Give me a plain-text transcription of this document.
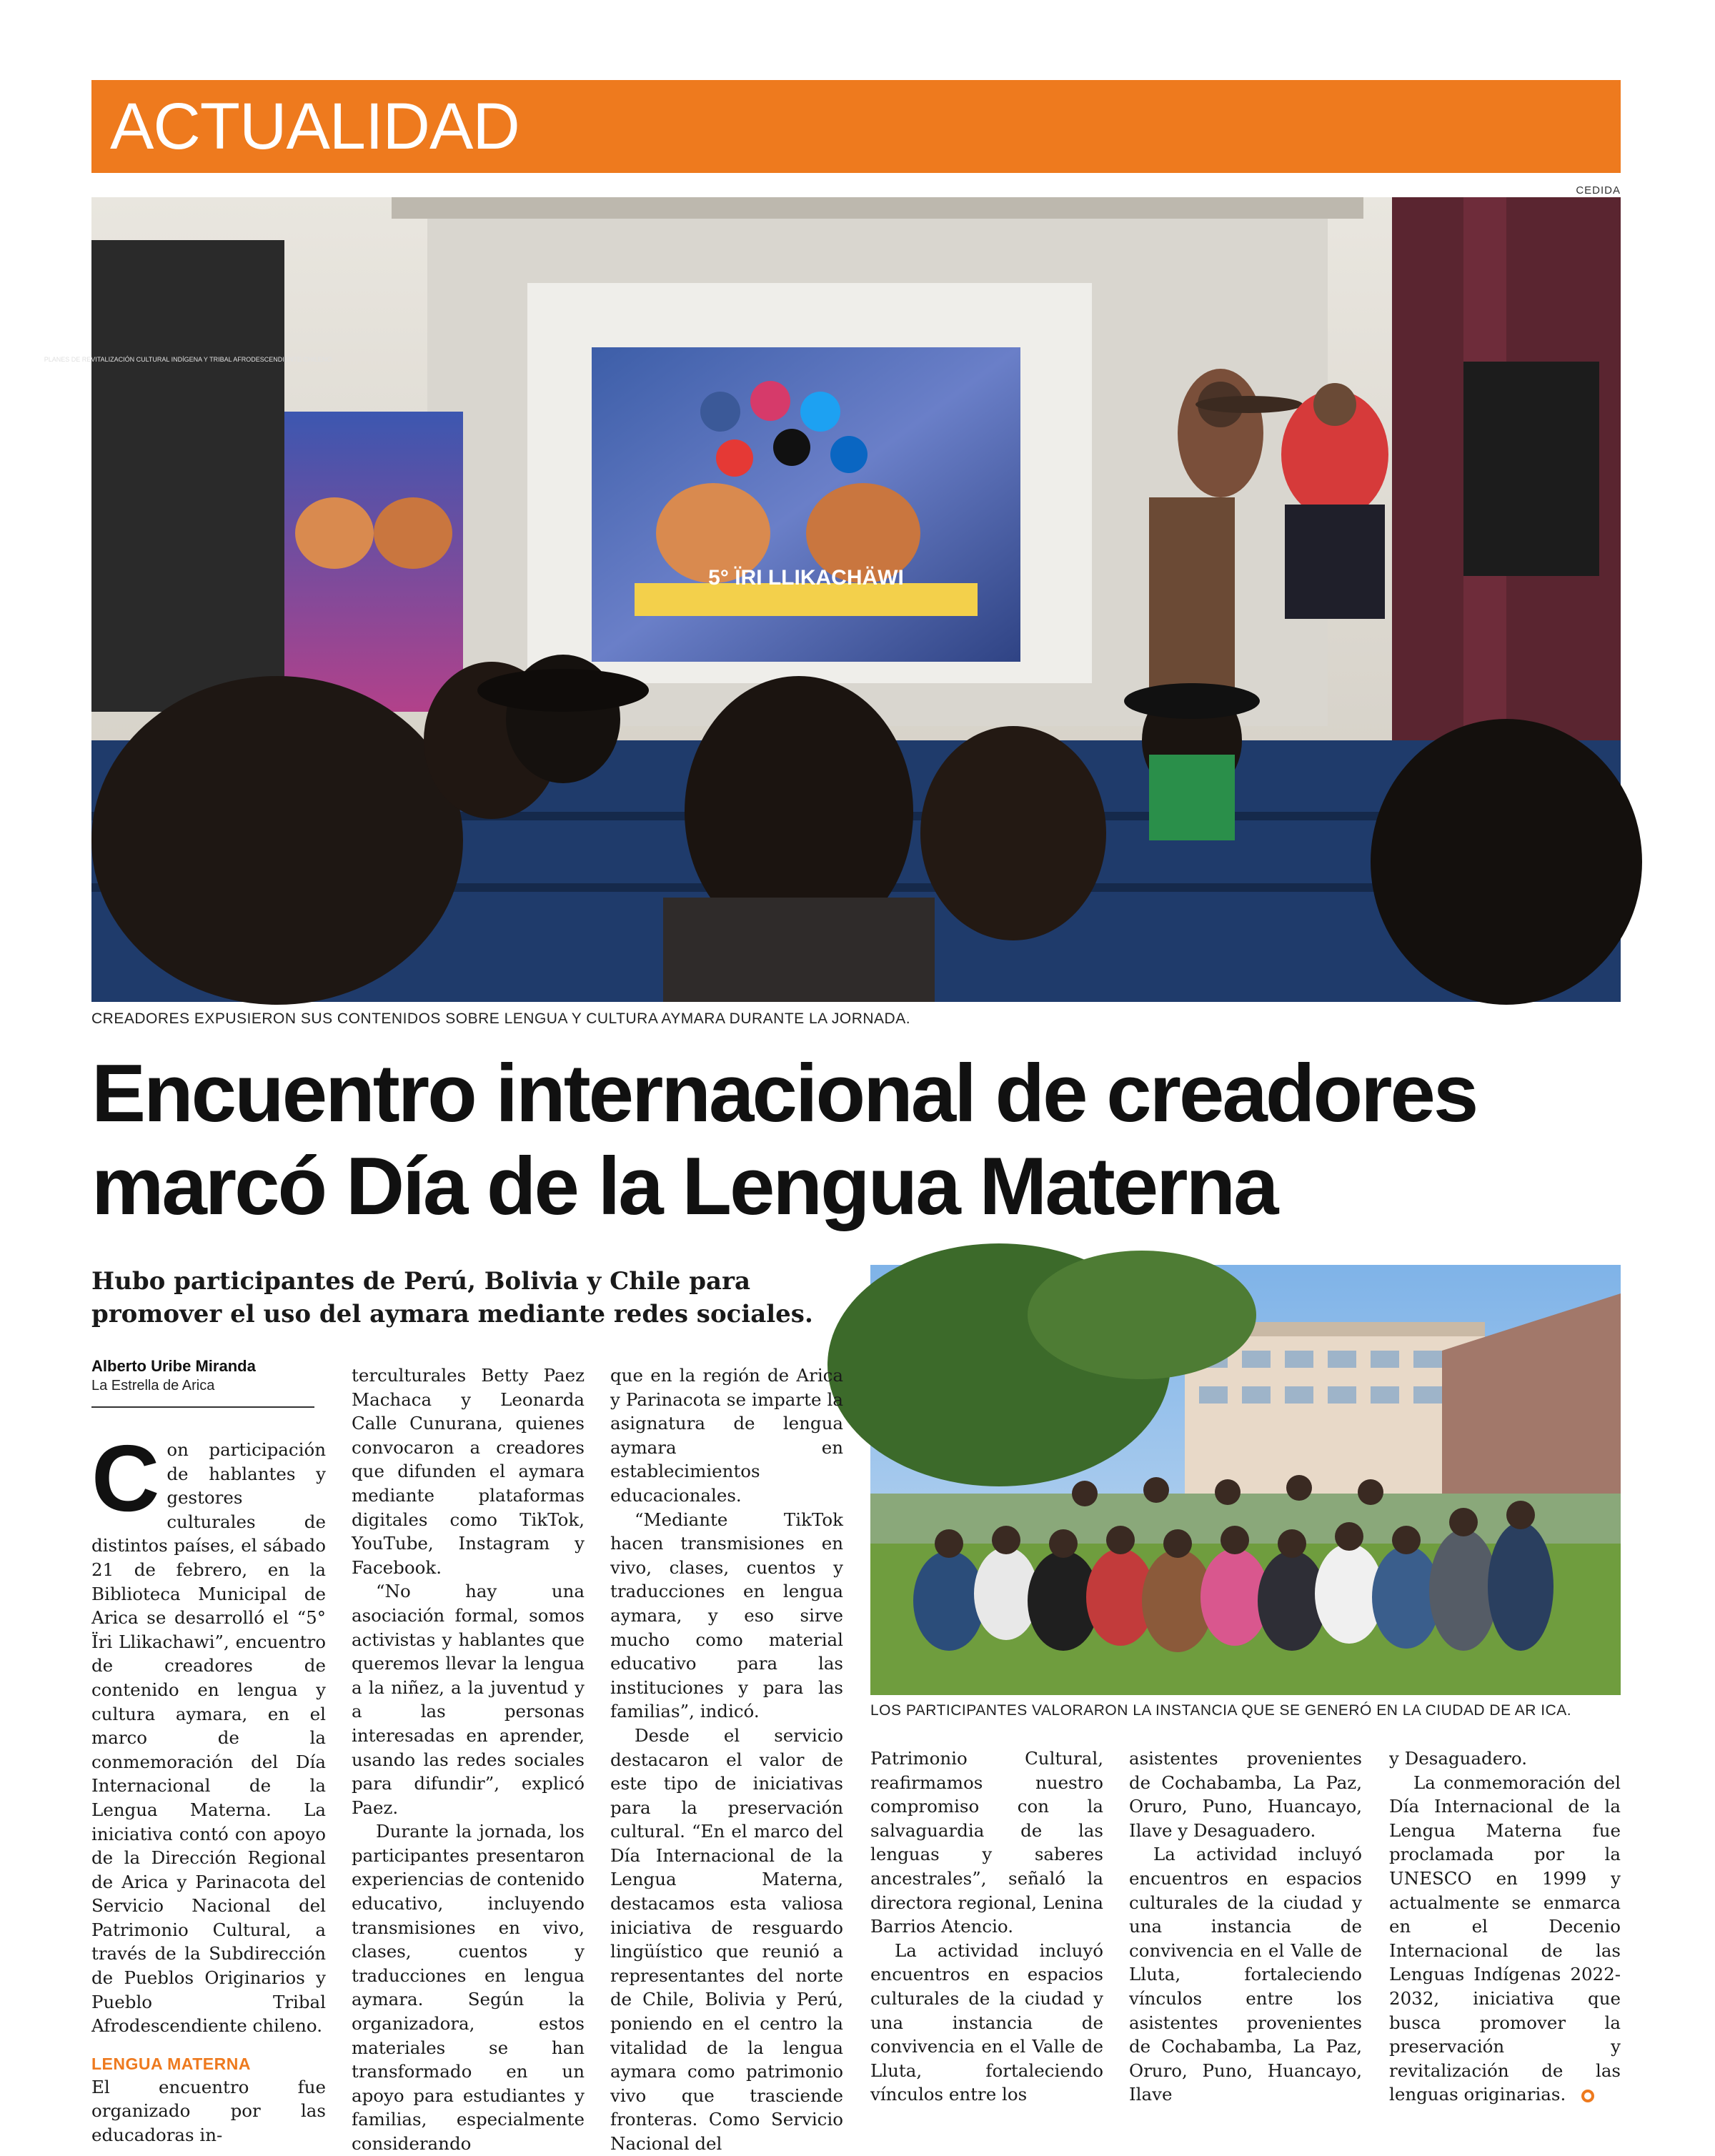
ACTUALIDAD
CEDIDA
5° ÏRI LLIKACHÄWI
PLANES DE REVITALIZACIÓN CULTURAL INDÍGENA Y TRIBAL AFRODESCENDIENTE CHILENO
CREADORES EXPUSIERON SUS CONTENIDOS SOBRE LENGUA Y CULTURA AYMARA DURANTE LA JORNADA.
Encuentro internacional de creadores
marcó Día de la Lengua Materna
Hubo participantes de Perú, Bolivia y Chile para promover el uso del aymara mediante redes sociales.
Alberto Uribe Miranda
La Estrella de Arica
LOS PARTICIPANTES VALORARON LA INSTANCIA QUE SE GENERÓ EN LA CIUDAD DE AR ICA.

Con participación de hablantes y gestores culturales de distintos países, el sábado 21 de febrero, en la Biblioteca Municipal de Arica se desarrolló el “5° Ïri Llikachawi”, encuentro de creadores de contenido en lengua y cultura aymara, en el marco de la conmemoración del Día Internacional de la Lengua Materna. La iniciativa contó con apoyo de la Dirección Regional de Arica y Parinacota del Servicio Nacional del Patrimonio Cultural, a través de la Subdirección de Pueblos Originarios y Pueblo Tribal Afrodescendiente chileno.

LENGUA MATERNA

El encuentro fue organizado por las educadoras in-

terculturales Betty Paez Machaca y Leonarda Calle Cunurana, quienes convocaron a creadores que difunden el aymara mediante plataformas digitales como TikTok, YouTube, Instagram y Facebook.

“No hay una asociación formal, somos activistas y hablantes que queremos llevar la lengua a la niñez, a la juventud y a las personas interesadas en aprender, usando las redes sociales para difundir”, explicó Paez.

Durante la jornada, los participantes presentaron experiencias de contenido educativo, incluyendo transmisiones en vivo, clases, cuentos y traducciones en lengua aymara. Según la organizadora, estos materiales se han transformado en un apoyo para estudiantes y familias, especialmente considerando

que en la región de Arica y Parinacota se imparte la asignatura de lengua aymara en establecimientos educacionales.

“Mediante TikTok hacen transmisiones en vivo, clases, cuentos y traducciones en lengua aymara, y eso sirve mucho como material educativo para las instituciones y para las familias”, indicó.

Desde el servicio destacaron el valor de este tipo de iniciativas para la preservación cultural. “En el marco del Día Internacional de la Lengua Materna, destacamos esta valiosa iniciativa de resguardo lingüístico que reunió a representantes del norte de Chile, Bolivia y Perú, poniendo en el centro la vitalidad de la lengua aymara como patrimonio vivo que trasciende fronteras. Como Servicio Nacional del

Patrimonio Cultural, reafirmamos nuestro compromiso con la salvaguardia de las lenguas y saberes ancestrales”, señaló la directora regional, Lenina Barrios Atencio.

La actividad incluyó encuentros en espacios culturales de la ciudad y una instancia de convivencia en el Valle de Lluta, fortaleciendo vínculos entre los

asistentes provenientes de Cochabamba, La Paz, Oruro, Puno, Huancayo, Ilave y Desaguadero.

La actividad incluyó encuentros en espacios culturales de la ciudad y una instancia de convivencia en el Valle de Lluta, fortaleciendo vínculos entre los asistentes provenientes de Cochabamba, La Paz, Oruro, Puno, Huancayo, Ilave

y Desaguadero.

La conmemoración del Día Internacional de la Lengua Materna fue proclamada por la UNESCO en 1999 y actualmente se enmarca en el Decenio Internacional de las Lenguas Indígenas 2022-2032, iniciativa que busca promover la preservación y revitalización de las lenguas originarias.
